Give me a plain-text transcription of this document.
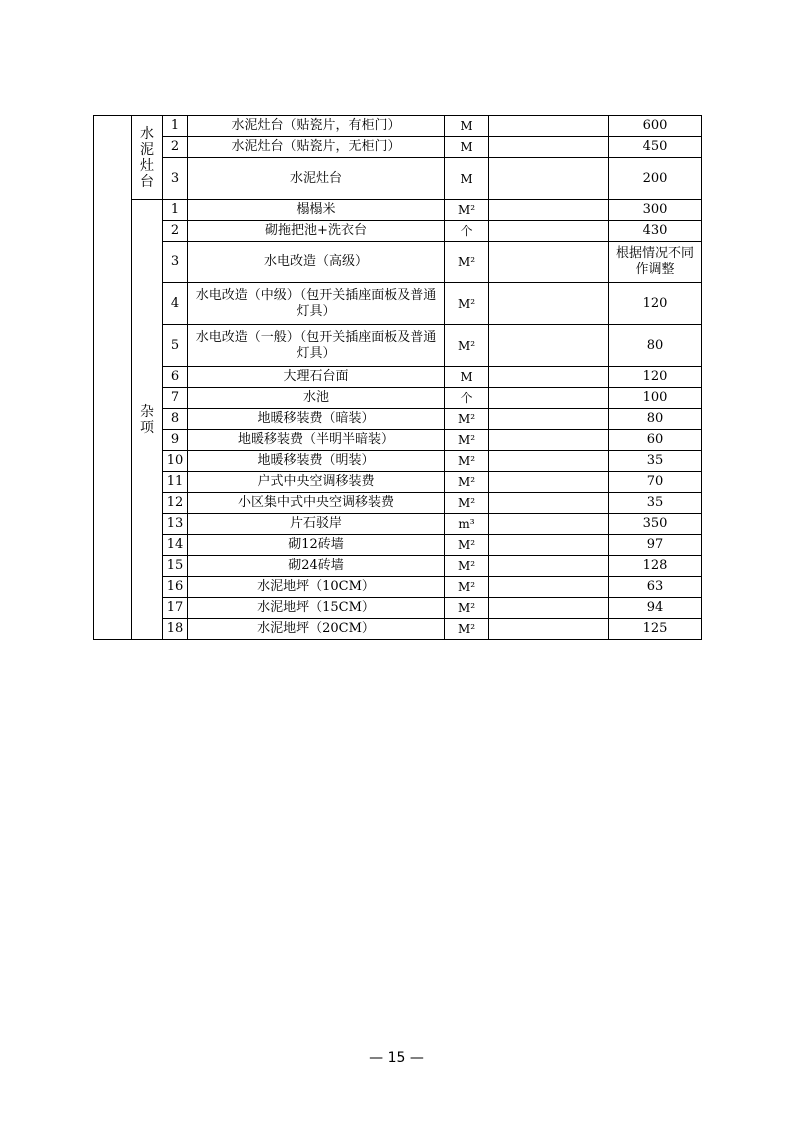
	水泥灶台	1	水泥灶台（贴瓷片，有柜门）	M		600
		2	水泥灶台（贴瓷片，无柜门）	M		450
		3	水泥灶台	M		200

	杂项	1	榻榻米	M²		300
		2	砌拖把池+洗衣台	个		430
		3	水电改造（高级）	M²		根据情况不同作调整
		4	水电改造（中级）（包开关插座面板及普通灯具）	M²		120
		5	水电改造（一般）（包开关插座面板及普通灯具）	M²		80
		6	大理石台面	M		120
		7	水池	个		100
		8	地暖移装费（暗装）	M²		80
		9	地暖移装费（半明半暗装）	M²		60
		10	地暖移装费（明装）	M²		35
		11	户式中央空调移装费	M²		70
		12	小区集中式中央空调移装费	M²		35
		13	片石驳岸	m³		350
		14	砌12砖墙	M²		97
		15	砌24砖墙	M²		128
		16	水泥地坪（10CM）	M²		63
		17	水泥地坪（15CM）	M²		94
		18	水泥地坪（20CM）	M²		125
— 15 —
